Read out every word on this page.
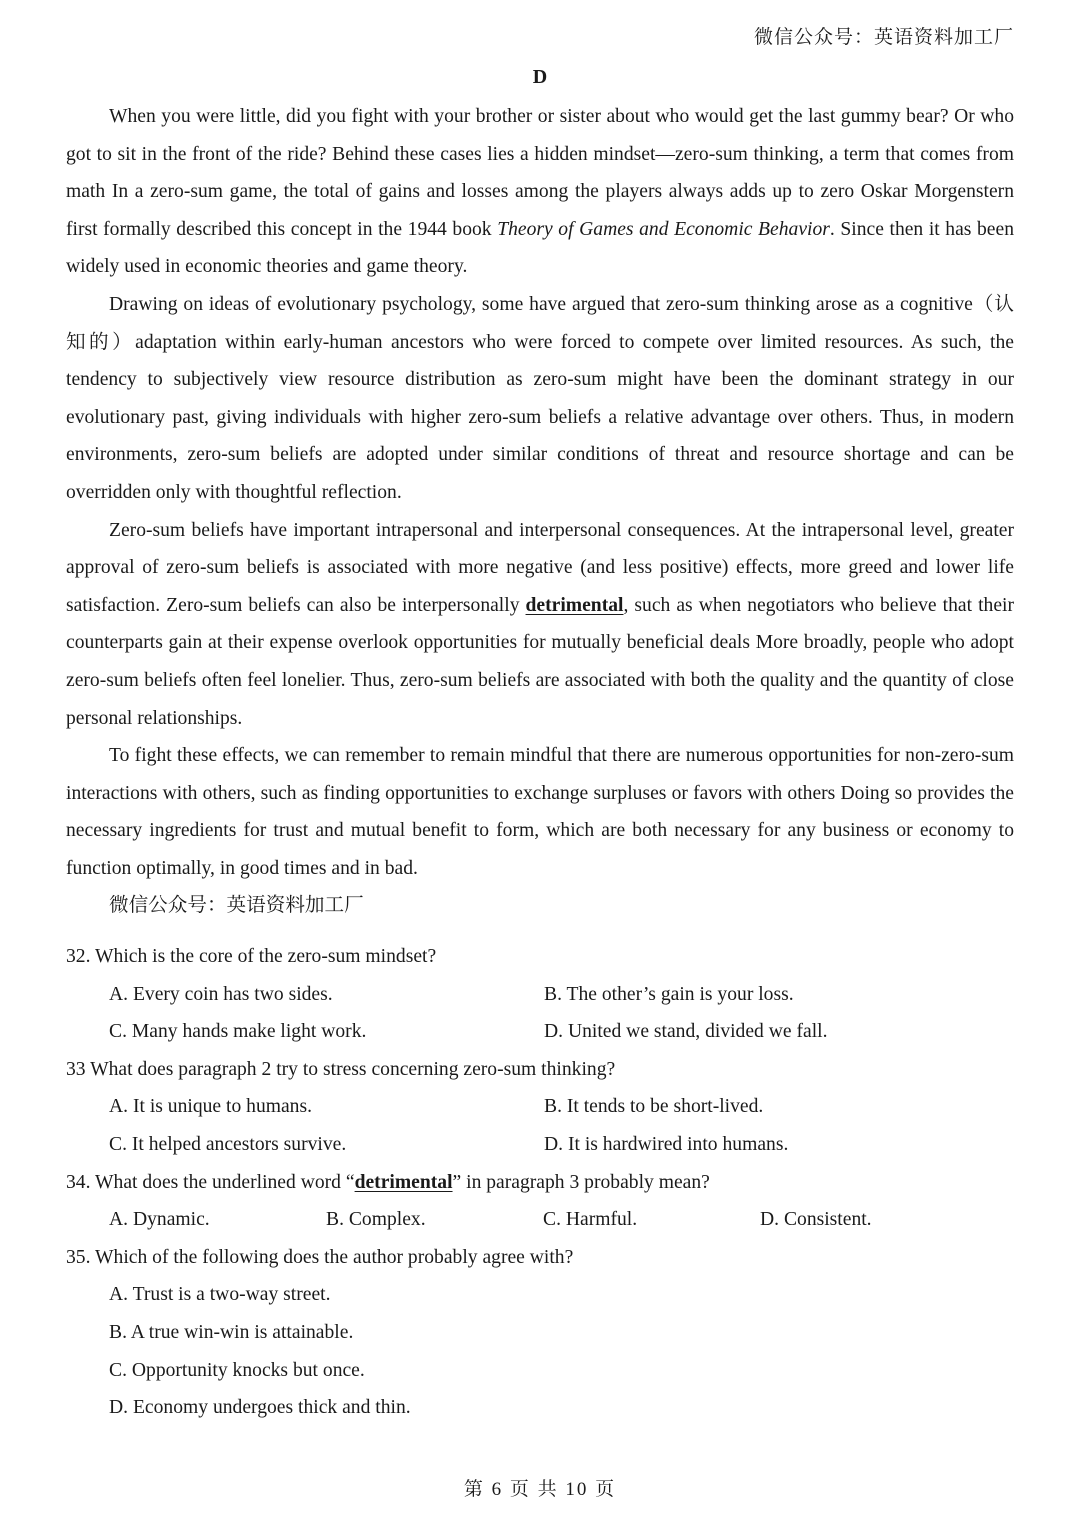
微信公众号：英语资料加工厂
D

When you were little, did you fight with your brother or sister about who would get the last gummy bear? Or who got to sit in the front of the ride? Behind these cases lies a hidden mindset—zero-sum thinking, a term that comes from math In a zero-sum game, the total of gains and losses among the players always adds up to zero Oskar Morgenstern first formally described this concept in the 1944 book Theory of Games and Economic Behavior. Since then it has been widely used in economic theories and game theory.

Drawing on ideas of evolutionary psychology, some have argued that zero-sum thinking arose as a cognitive（认知的）adaptation within early-human ancestors who were forced to compete over limited resources. As such, the tendency to subjectively view resource distribution as zero-sum might have been the dominant strategy in our evolutionary past, giving individuals with higher zero-sum beliefs a relative advantage over others. Thus, in modern environments, zero-sum beliefs are adopted under similar conditions of threat and resource shortage and can be overridden only with thoughtful reflection.

Zero-sum beliefs have important intrapersonal and interpersonal consequences. At the intrapersonal level, greater approval of zero-sum beliefs is associated with more negative (and less positive) effects, more greed and lower life satisfaction. Zero-sum beliefs can also be interpersonally detrimental, such as when negotiators who believe that their counterparts gain at their expense overlook opportunities for mutually beneficial deals More broadly, people who adopt zero-sum beliefs often feel lonelier. Thus, zero-sum beliefs are associated with both the quality and the quantity of close personal relationships.

To fight these effects, we can remember to remain mindful that there are numerous opportunities for non-zero-sum interactions with others, such as finding opportunities to exchange surpluses or favors with others Doing so provides the necessary ingredients for trust and mutual benefit to form, which are both necessary for any business or economy to function optimally, in good times and in bad.

微信公众号：英语资料加工厂
32. Which is the core of the zero-sum mindset?
A. Every coin has two sides.	B. The other’s gain is your loss.
C. Many hands make light work.	D. United we stand, divided we fall.
33 What does paragraph 2 try to stress concerning zero-sum thinking?
A. It is unique to humans.	B. It tends to be short-lived.
C. It helped ancestors survive.	D. It is hardwired into humans.
34. What does the underlined word “detrimental” in paragraph 3 probably mean?
A. Dynamic.	B. Complex.	C. Harmful.	D. Consistent.
35. Which of the following does the author probably agree with?
A. Trust is a two-way street.
B. A true win-win is attainable.
C. Opportunity knocks but once.
D. Economy undergoes thick and thin.
第 6 页 共 10 页
